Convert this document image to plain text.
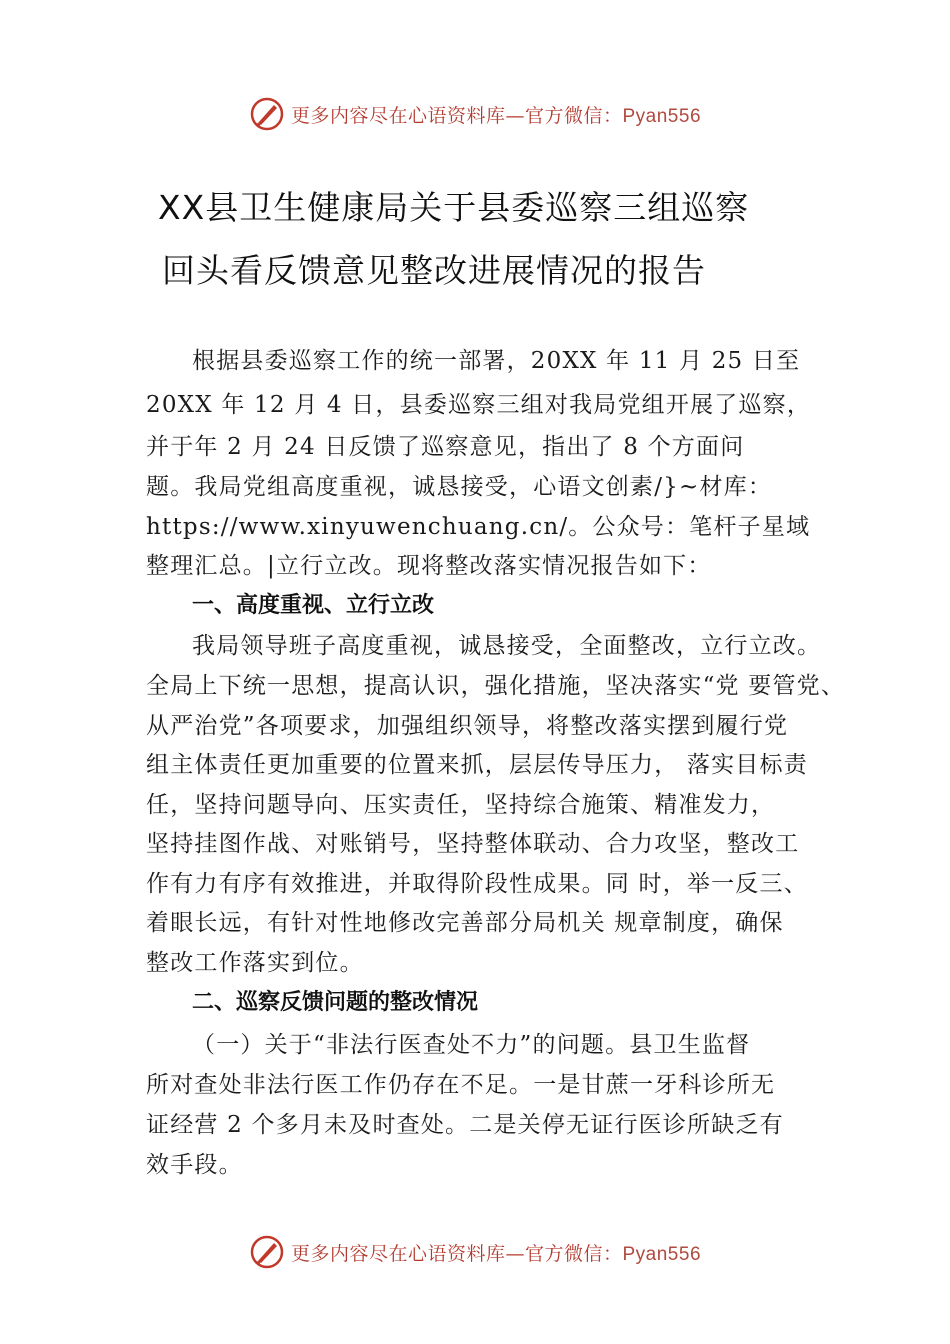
更多内容尽在心语资料库—官方微信：Pyan556
XX县卫生健康局关于县委巡察三组巡察
回头看反馈意见整改进展情况的报告
根据县委巡察工作的统一部署，20XX 年 11 月 25 日至
20XX 年 12 月 4 日，县委巡察三组对我局党组开展了巡察，
并于年 2 月 24 日反馈了巡察意见，指出了 8 个方面问
题。我局党组高度重视，诚恳接受，心语文创素/}~材库：
https://www.xinyuwenchuang.cn/。公众号：笔杆子星域
整理汇总。|立行立改。现将整改落实情况报告如下：
一、高度重视、立行立改
我局领导班子高度重视，诚恳接受，全面整改，立行立改。
全局上下统一思想，提高认识，强化措施，坚决落实“党 要管党、
从严治党”各项要求，加强组织领导，将整改落实摆到履行党
组主体责任更加重要的位置来抓，层层传导压力， 落实目标责
任，坚持问题导向、压实责任，坚持综合施策、精准发力，
坚持挂图作战、对账销号，坚持整体联动、合力攻坚，整改工
作有力有序有效推进，并取得阶段性成果。同 时，举一反三、
着眼长远，有针对性地修改完善部分局机关 规章制度，确保
整改工作落实到位。
二、巡察反馈问题的整改情况
（一）关于“非法行医查处不力”的问题。县卫生监督
所对查处非法行医工作仍存在不足。一是甘蔗一牙科诊所无
证经营 2 个多月未及时查处。二是关停无证行医诊所缺乏有
效手段。
更多内容尽在心语资料库—官方微信：Pyan556
